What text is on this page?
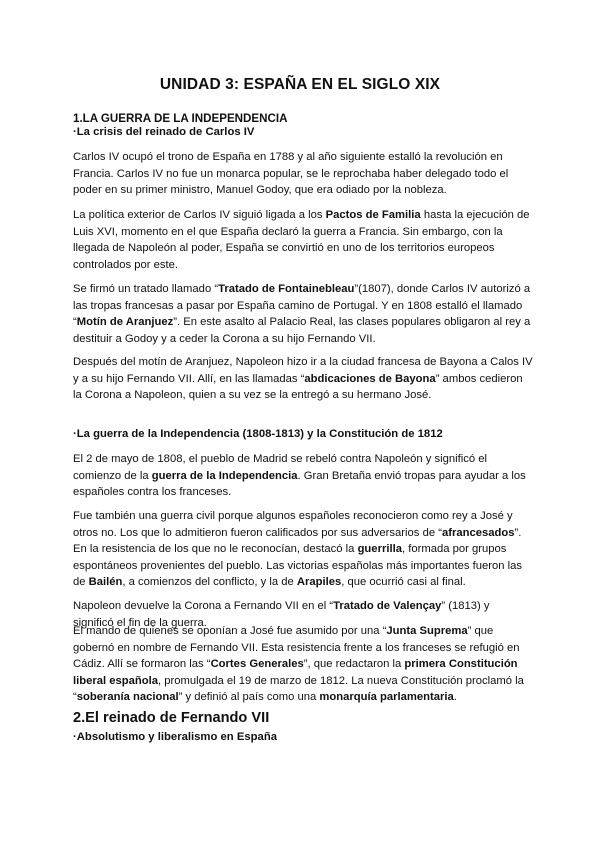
UNIDAD 3: ESPAÑA EN EL SIGLO XIX
1.LA GUERRA DE LA INDEPENDENCIA
·La crisis del reinado de Carlos IV

Carlos IV ocupó el trono de España en 1788 y al año siguiente estalló la revolución en Francia. Carlos IV no fue un monarca popular, se le reprochaba haber delegado todo el poder en su primer ministro, Manuel Godoy, que era odiado por la nobleza.

La política exterior de Carlos IV siguió ligada a los Pactos de Familia hasta la ejecución de Luis XVI, momento en el que España declaró la guerra a Francia. Sin embargo, con la llegada de Napoleón al poder, España se convirtió en uno de los territorios europeos controlados por este.

Se firmó un tratado llamado “Tratado de Fontainebleau”(1807), donde Carlos IV autorizó a las tropas francesas a pasar por España camino de Portugal. Y en 1808 estalló el llamado “Motín de Aranjuez”. En este asalto al Palacio Real, las clases populares obligaron al rey a destituir a Godoy y a ceder la Corona a su hijo Fernando VII.

Después del motín de Aranjuez, Napoleon hizo ir a la ciudad francesa de Bayona a Calos IV y a su hijo Fernando VII. Allí, en las llamadas “abdicaciones de Bayona” ambos cedieron la Corona a Napoleon, quien a su vez se la entregó a su hermano José.

·La guerra de la Independencia (1808-1813) y la Constitución de 1812

El 2 de mayo de 1808, el pueblo de Madrid se rebeló contra Napoleón y significó el comienzo de la guerra de la Independencia. Gran Bretaña envió tropas para ayudar a los españoles contra los franceses.

Fue también una guerra civil porque algunos españoles reconocieron como rey a José y otros no. Los que lo admitieron fueron calificados por sus adversarios de “afrancesados”. En la resistencia de los que no le reconocían, destacó la guerrilla, formada por grupos espontáneos provenientes del pueblo. Las victorias españolas más importantes fueron las de Bailén, a comienzos del conflicto, y la de Arapiles, que ocurrió casi al final.

Napoleon devuelve la Corona a Fernando VII en el “Tratado de Valençay” (1813) y significó el fin de la guerra.

El mando de quienes se oponían a José fue asumido por una “Junta Suprema” que gobernó en nombre de Fernando VII. Esta resistencia frente a los franceses se refugió en Cádiz. Allí se formaron las “Cortes Generales”, que redactaron la primera Constitución liberal española, promulgada el 19 de marzo de 1812. La nueva Constitución proclamó la “soberanía nacional” y definió al país como una monarquía parlamentaria.

2.El reinado de Fernando VII
·Absolutismo y liberalismo en España
